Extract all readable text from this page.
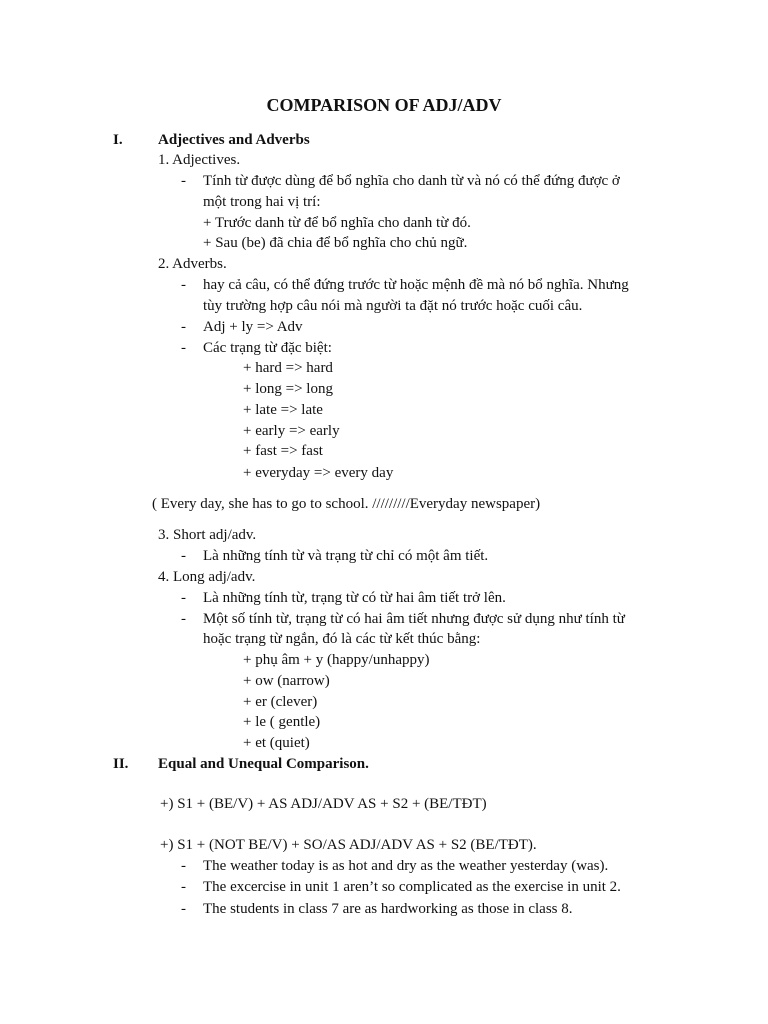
COMPARISON OF ADJ/ADV
I. Adjectives and Adverbs
1. Adjectives.
- Tính từ được dùng để bổ nghĩa cho danh từ và nó có thể đứng được ở
một trong hai vị trí:
+ Trước danh từ để bổ nghĩa cho danh từ đó.
+ Sau (be) đã chia để bổ nghĩa cho chủ ngữ.
2. Adverbs.
- hay cả câu, có thể đứng trước từ hoặc mệnh đề mà nó bổ nghĩa. Nhưng
tùy trường hợp câu nói mà người ta đặt nó trước hoặc cuối câu.
- Adj + ly => Adv
- Các trạng từ đặc biệt:
+ hard => hard
+ long => long
+ late => late
+ early => early
+ fast => fast
+ everyday => every day
( Every day, she has to go to school. /////////Everyday newspaper)
3. Short adj/adv.
- Là những tính từ và trạng từ chỉ có một âm tiết.
4. Long adj/adv.
- Là những tính từ, trạng từ có từ hai âm tiết trở lên.
- Một số tính từ, trạng từ có hai âm tiết nhưng được sử dụng như tính từ
hoặc trạng từ ngắn, đó là các từ kết thúc bằng:
+ phụ âm + y (happy/unhappy)
+ ow (narrow)
+ er (clever)
+ le ( gentle)
+ et (quiet)
II. Equal and Unequal Comparison.
+) S1 + (BE/V) + AS ADJ/ADV AS + S2 + (BE/TĐT)
+) S1 + (NOT BE/V) + SO/AS ADJ/ADV AS + S2 (BE/TĐT).
- The weather today is as hot and dry as the weather yesterday (was).
- The excercise in unit 1 aren’t so complicated as the exercise in unit 2.
- The students in class 7 are as hardworking as those in class 8.
